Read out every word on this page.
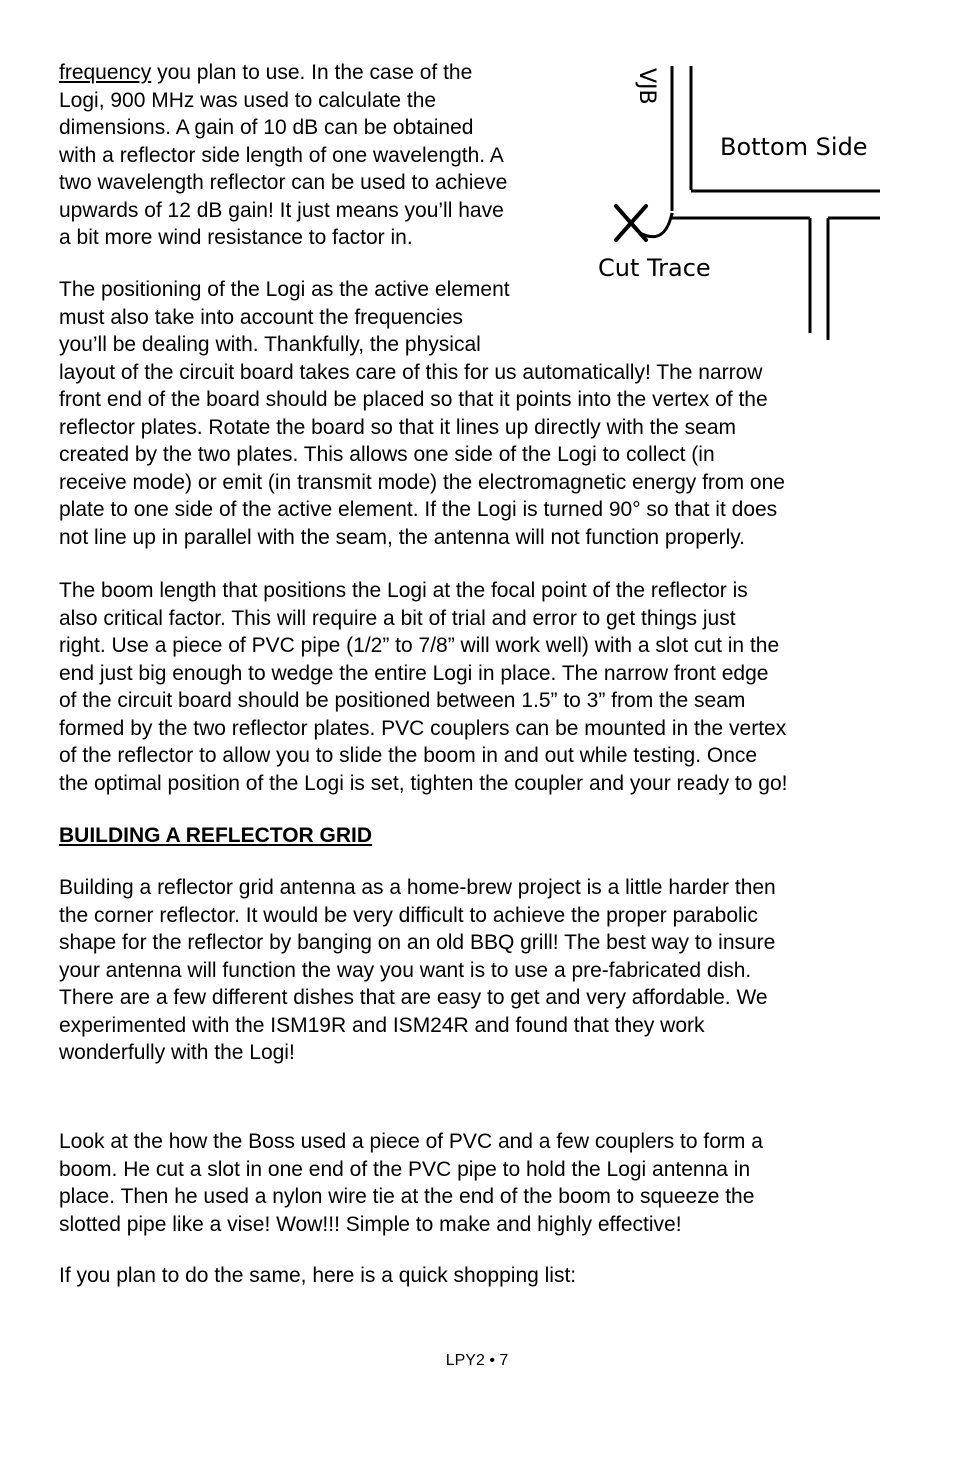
frequency you plan to use. In the case of the
Logi, 900 MHz was used to calculate the
dimensions. A gain of 10 dB can be obtained
with a reflector side length of one wavelength. A
two wavelength reflector can be used to achieve
upwards of 12 dB gain! It just means you’ll have
a bit more wind resistance to factor in.

The positioning of the Logi as the active element
must also take into account the frequencies
you’ll be dealing with. Thankfully, the physical
layout of the circuit board takes care of this for us automatically! The narrow
front end of the board should be placed so that it points into the vertex of the
reflector plates. Rotate the board so that it lines up directly with the seam
created by the two plates. This allows one side of the Logi to collect (in
receive mode) or emit (in transmit mode) the electromagnetic energy from one
plate to one side of the active element. If the Logi is turned 90° so that it does
not line up in parallel with the seam, the antenna will not function properly.

VJB
Bottom Side
Cut Trace

The boom length that positions the Logi at the focal point of the reflector is
also critical factor. This will require a bit of trial and error to get things just
right. Use a piece of PVC pipe (1/2” to 7/8” will work well) with a slot cut in the
end just big enough to wedge the entire Logi in place. The narrow front edge
of the circuit board should be positioned between 1.5” to 3” from the seam
formed by the two reflector plates. PVC couplers can be mounted in the vertex
of the reflector to allow you to slide the boom in and out while testing. Once
the optimal position of the Logi is set, tighten the coupler and your ready to go!

BUILDING A REFLECTOR GRID

Building a reflector grid antenna as a home-brew project is a little harder then
the corner reflector. It would be very difficult to achieve the proper parabolic
shape for the reflector by banging on an old BBQ grill! The best way to insure
your antenna will function the way you want is to use a pre-fabricated dish.
There are a few different dishes that are easy to get and very affordable. We
experimented with the ISM19R and ISM24R and found that they work
wonderfully with the Logi!

Look at the how the Boss used a piece of PVC and a few couplers to form a
boom. He cut a slot in one end of the PVC pipe to hold the Logi antenna in
place. Then he used a nylon wire tie at the end of the boom to squeeze the
slotted pipe like a vise! Wow!!! Simple to make and highly effective!

If you plan to do the same, here is a quick shopping list:

LPY2 • 7
